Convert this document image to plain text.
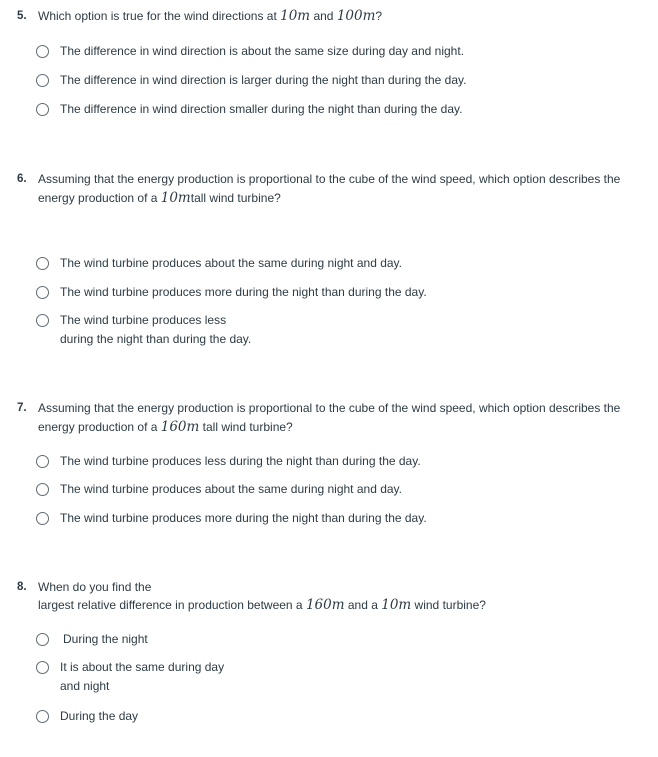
5. Which option is true for the wind directions at 10m and 100m?
The difference in wind direction is about the same size during day and night.
The difference in wind direction is larger during the night than during the day.
The difference in wind direction smaller during the night than during the day.
6. Assuming that the energy production is proportional to the cube of the wind speed, which option describes the
energy production of a 10mtall wind turbine?
The wind turbine produces about the same during night and day.
The wind turbine produces more during the night than during the day.
The wind turbine produces less
during the night than during the day.
7. Assuming that the energy production is proportional to the cube of the wind speed, which option describes the
energy production of a 160m tall wind turbine?
The wind turbine produces less during the night than during the day.
The wind turbine produces about the same during night and day.
The wind turbine produces more during the night than during the day.
8. When do you find the
largest relative difference in production between a 160m and a 10m wind turbine?
During the night
It is about the same during day
and night
During the day
